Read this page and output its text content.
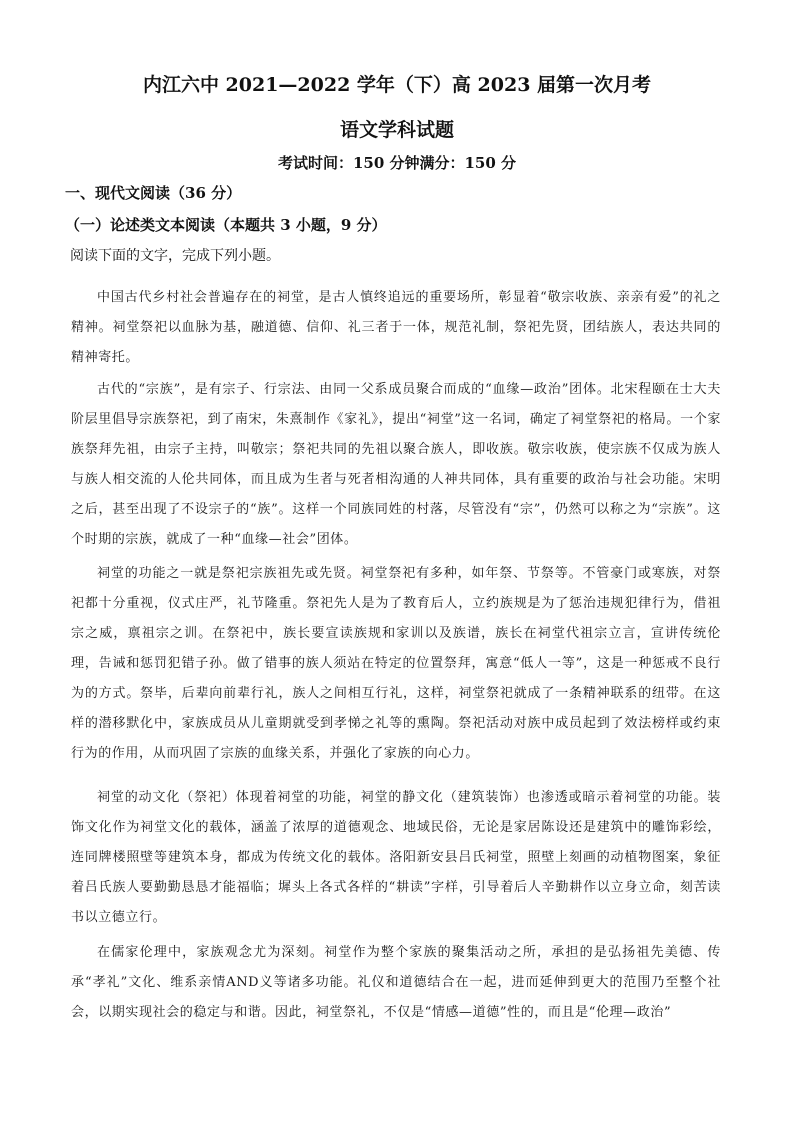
内江六中 2021—2022 学年（下）高 2023 届第一次月考
语文学科试题
考试时间：150 分钟满分：150 分
一、现代文阅读（36 分）
（一）论述类文本阅读（本题共 3 小题，9 分）
阅读下面的文字，完成下列小题。

中国古代乡村社会普遍存在的祠堂，是古人慎终追远的重要场所，彰显着“敬宗收族、亲亲有爱”的礼之精神。祠堂祭祀以血脉为基，融道德、信仰、礼三者于一体，规范礼制，祭祀先贤，团结族人，表达共同的精神寄托。

古代的“宗族”，是有宗子、行宗法、由同一父系成员聚合而成的“血缘—政治”团体。北宋程颐在士大夫阶层里倡导宗族祭祀，到了南宋，朱熹制作《家礼》，提出“祠堂”这一名词，确定了祠堂祭祀的格局。一个家族祭拜先祖，由宗子主持，叫敬宗；祭祀共同的先祖以聚合族人，即收族。敬宗收族，使宗族不仅成为族人与族人相交流的人伦共同体，而且成为生者与死者相沟通的人神共同体，具有重要的政治与社会功能。宋明之后，甚至出现了不设宗子的“族”。这样一个同族同姓的村落，尽管没有“宗”，仍然可以称之为“宗族”。这个时期的宗族，就成了一种“血缘—社会”团体。

祠堂的功能之一就是祭祀宗族祖先或先贤。祠堂祭祀有多种，如年祭、节祭等。不管豪门或寒族，对祭祀都十分重视，仪式庄严，礼节隆重。祭祀先人是为了教育后人，立约族规是为了惩治违规犯律行为，借祖宗之威，禀祖宗之训。在祭祀中，族长要宣读族规和家训以及族谱，族长在祠堂代祖宗立言，宣讲传统伦理，告诫和惩罚犯错子孙。做了错事的族人须站在特定的位置祭拜，寓意“低人一等”，这是一种惩戒不良行为的方式。祭毕，后辈向前辈行礼，族人之间相互行礼，这样，祠堂祭祀就成了一条精神联系的纽带。在这样的潜移默化中，家族成员从儿童期就受到孝悌之礼等的熏陶。祭祀活动对族中成员起到了效法榜样或约束行为的作用，从而巩固了宗族的血缘关系，并强化了家族的向心力。

祠堂的动文化（祭祀）体现着祠堂的功能，祠堂的静文化（建筑装饰）也渗透或暗示着祠堂的功能。装饰文化作为祠堂文化的载体，涵盖了浓厚的道德观念、地域民俗，无论是家居陈设还是建筑中的雕饰彩绘，连同牌楼照壁等建筑本身，都成为传统文化的载体。洛阳新安县吕氏祠堂，照壁上刻画的动植物图案，象征着吕氏族人要勤勤恳恳才能福临；墀头上各式各样的“耕读”字样，引导着后人辛勤耕作以立身立命，刻苦读书以立德立行。

在儒家伦理中，家族观念尤为深刻。祠堂作为整个家族的聚集活动之所，承担的是弘扬祖先美德、传承“孝礼”文化、维系亲情AND义等诸多功能。礼仪和道德结合在一起，进而延伸到更大的范围乃至整个社会，以期实现社会的稳定与和谐。因此，祠堂祭礼，不仅是“情感—道德”性的，而且是“伦理—政治”
